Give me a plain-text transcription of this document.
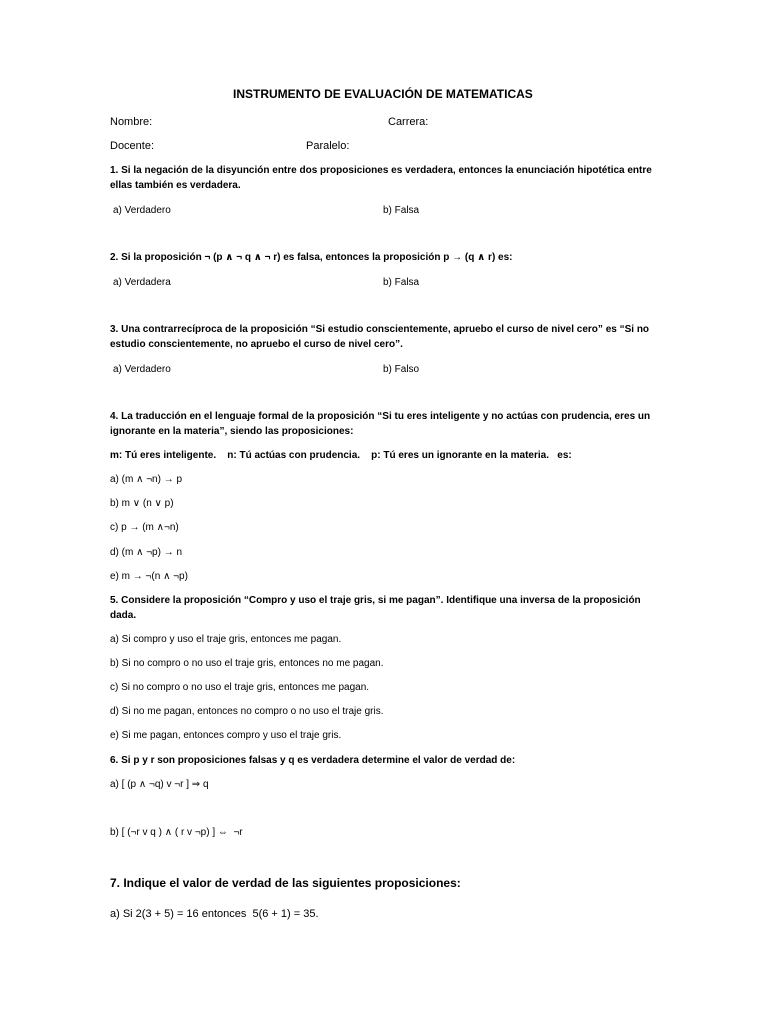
INSTRUMENTO DE EVALUACIÓN DE MATEMATICAS
Nombre:	Carrera:
Docente:	Paralelo:
1. Si la negación de la disyunción entre dos proposiciones es verdadera, entonces la enunciación hipotética entre
ellas también es verdadera.
a) Verdadero	b) Falsa
2. Si la proposición ¬ (p ∧ ¬ q ∧ ¬ r) es falsa, entonces la proposición p → (q ∧ r) es:
a) Verdadera	b) Falsa
3. Una contrarrecíproca de la proposición “Si estudio conscientemente, apruebo el curso de nivel cero” es “Si no
estudio conscientemente, no apruebo el curso de nivel cero”.
a) Verdadero	b) Falso
4. La traducción en el lenguaje formal de la proposición “Si tu eres inteligente y no actúas con prudencia, eres un
ignorante en la materia”, siendo las proposiciones:
m: Tú eres inteligente.    n: Tú actúas con prudencia.    p: Tú eres un ignorante en la materia.   es:
a) (m ∧ ¬n) → p
b) m ∨ (n ∨ p)
c) p → (m ∧¬n)
d) (m ∧ ¬p) → n
e) m → ¬(n ∧ ¬p)
5. Considere la proposición “Compro y uso el traje gris, si me pagan”. Identifique una inversa de la proposición
dada.
a) Si compro y uso el traje gris, entonces me pagan.
b) Si no compro o no uso el traje gris, entonces no me pagan.
c) Si no compro o no uso el traje gris, entonces me pagan.
d) Si no me pagan, entonces no compro o no uso el traje gris.
e) Si me pagan, entonces compro y uso el traje gris.
6. Si p y r son proposiciones falsas y q es verdadera determine el valor de verdad de:
a) [ (p ∧ ¬q) v ¬r ] ⇒ q
b) [ (¬r v q ) ∧ ( r v ¬p) ] ⇔  ¬r
7. Indique el valor de verdad de las siguientes proposiciones:
a) Si 2(3 + 5) = 16 entonces  5(6 + 1) = 35.
